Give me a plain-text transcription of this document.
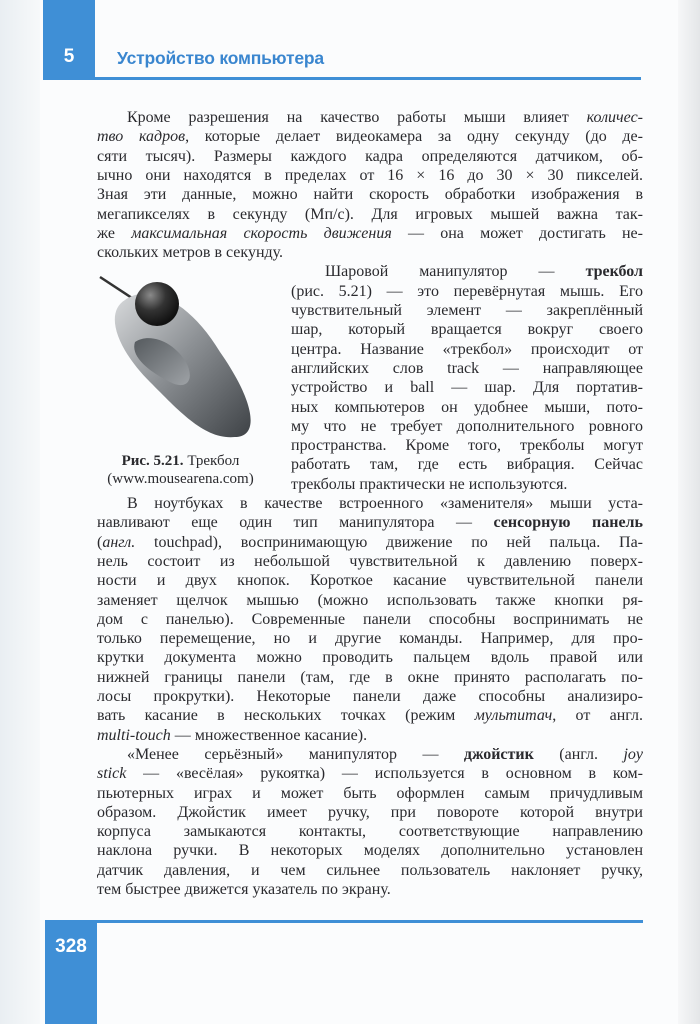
5	Устройство компьютера
Кроме разрешения на качество работы мыши влияет количес-
тво кадров, которые делает видеокамера за одну секунду (до де-
сяти тысяч). Размеры каждого кадра определяются датчиком, об-
ычно они находятся в пределах от 16 × 16 до 30 × 30 пикселей.
Зная эти данные, можно найти скорость обработки изображения в
мегапикселях в секунду (Мп/с). Для игровых мышей важна так-
же максимальная скорость движения — она может достигать не-
скольких метров в секунду.
Шаровой манипулятор — трекбол
(рис. 5.21) — это перевёрнутая мышь. Его
чувствительный элемент — закреплённый
шар, который вращается вокруг своего
центра. Название «трекбол» происходит от
английских слов track — направляющее
устройство и ball — шар. Для портатив-
ных компьютеров он удобнее мыши, пото-
му что не требует дополнительного ровного
пространства. Кроме того, трекболы могут
работать там, где есть вибрация. Сейчас
трекболы практически не используются.
В ноутбуках в качестве встроенного «заменителя» мыши уста-
навливают еще один тип манипулятора — сенсорную панель
(англ. touchpad), воспринимающую движение по ней пальца. Па-
нель состоит из небольшой чувствительной к давлению поверх-
ности и двух кнопок. Короткое касание чувствительной панели
заменяет щелчок мышью (можно использовать также кнопки ря-
дом с панелью). Современные панели способны воспринимать не
только перемещение, но и другие команды. Например, для про-
крутки документа можно проводить пальцем вдоль правой или
нижней границы панели (там, где в окне принято располагать по-
лосы прокрутки). Некоторые панели даже способны анализиро-
вать касание в нескольких точках (режим мультитач, от англ.
multi-touch — множественное касание).
«Менее серьёзный» манипулятор — джойстик (англ. joy
stick — «весёлая» рукоятка) — используется в основном в ком-
пьютерных играх и может быть оформлен самым причудливым
образом. Джойстик имеет ручку, при повороте которой внутри
корпуса замыкаются контакты, соответствующие направлению
наклона ручки. В некоторых моделях дополнительно установлен
датчик давления, и чем сильнее пользователь наклоняет ручку,
тем быстрее движется указатель по экрану.
Рис. 5.21. Трекбол
(www.mousearena.com)
328
